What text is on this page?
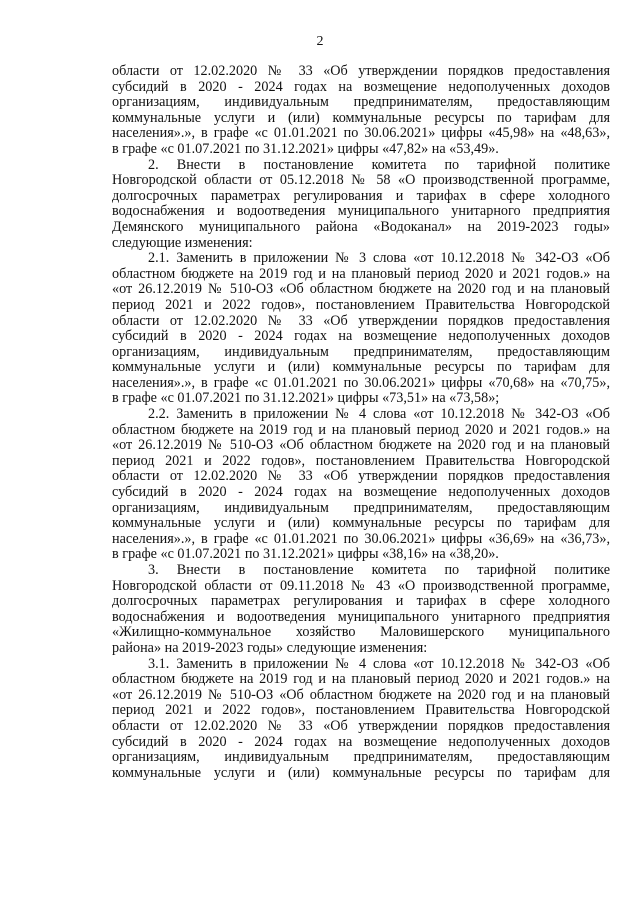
2
области от 12.02.2020 № 33 «Об утверждении порядков предоставления
субсидий в 2020 - 2024 годах на возмещение недополученных доходов
организациям, индивидуальным предпринимателям, предоставляющим
коммунальные услуги и (или) коммунальные ресурсы по тарифам для
населения».», в графе «с 01.01.2021 по 30.06.2021» цифры «45,98» на «48,63»,
в графе «с 01.07.2021 по 31.12.2021» цифры «47,82» на «53,49».
2. Внести в постановление комитета по тарифной политике
Новгородской области от 05.12.2018 № 58 «О производственной программе,
долгосрочных параметрах регулирования и тарифах в сфере холодного
водоснабжения и водоотведения муниципального унитарного предприятия
Демянского муниципального района «Водоканал» на 2019-2023 годы»
следующие изменения:
2.1. Заменить в приложении № 3 слова «от 10.12.2018 № 342-ОЗ «Об
областном бюджете на 2019 год и на плановый период 2020 и 2021 годов.» на
«от 26.12.2019 № 510-ОЗ «Об областном бюджете на 2020 год и на плановый
период 2021 и 2022 годов», постановлением Правительства Новгородской
области от 12.02.2020 № 33 «Об утверждении порядков предоставления
субсидий в 2020 - 2024 годах на возмещение недополученных доходов
организациям, индивидуальным предпринимателям, предоставляющим
коммунальные услуги и (или) коммунальные ресурсы по тарифам для
населения».», в графе «с 01.01.2021 по 30.06.2021» цифры «70,68» на «70,75»,
в графе «с 01.07.2021 по 31.12.2021» цифры «73,51» на «73,58»;
2.2. Заменить в приложении № 4 слова «от 10.12.2018 № 342-ОЗ «Об
областном бюджете на 2019 год и на плановый период 2020 и 2021 годов.» на
«от 26.12.2019 № 510-ОЗ «Об областном бюджете на 2020 год и на плановый
период 2021 и 2022 годов», постановлением Правительства Новгородской
области от 12.02.2020 № 33 «Об утверждении порядков предоставления
субсидий в 2020 - 2024 годах на возмещение недополученных доходов
организациям, индивидуальным предпринимателям, предоставляющим
коммунальные услуги и (или) коммунальные ресурсы по тарифам для
населения».», в графе «с 01.01.2021 по 30.06.2021» цифры «36,69» на «36,73»,
в графе «с 01.07.2021 по 31.12.2021» цифры «38,16» на «38,20».
3. Внести в постановление комитета по тарифной политике
Новгородской области от 09.11.2018 № 43 «О производственной программе,
долгосрочных параметрах регулирования и тарифах в сфере холодного
водоснабжения и водоотведения муниципального унитарного предприятия
«Жилищно-коммунальное хозяйство Маловишерского муниципального
района» на 2019-2023 годы» следующие изменения:
3.1. Заменить в приложении № 4 слова «от 10.12.2018 № 342-ОЗ «Об
областном бюджете на 2019 год и на плановый период 2020 и 2021 годов.» на
«от 26.12.2019 № 510-ОЗ «Об областном бюджете на 2020 год и на плановый
период 2021 и 2022 годов», постановлением Правительства Новгородской
области от 12.02.2020 № 33 «Об утверждении порядков предоставления
субсидий в 2020 - 2024 годах на возмещение недополученных доходов
организациям, индивидуальным предпринимателям, предоставляющим
коммунальные услуги и (или) коммунальные ресурсы по тарифам для
